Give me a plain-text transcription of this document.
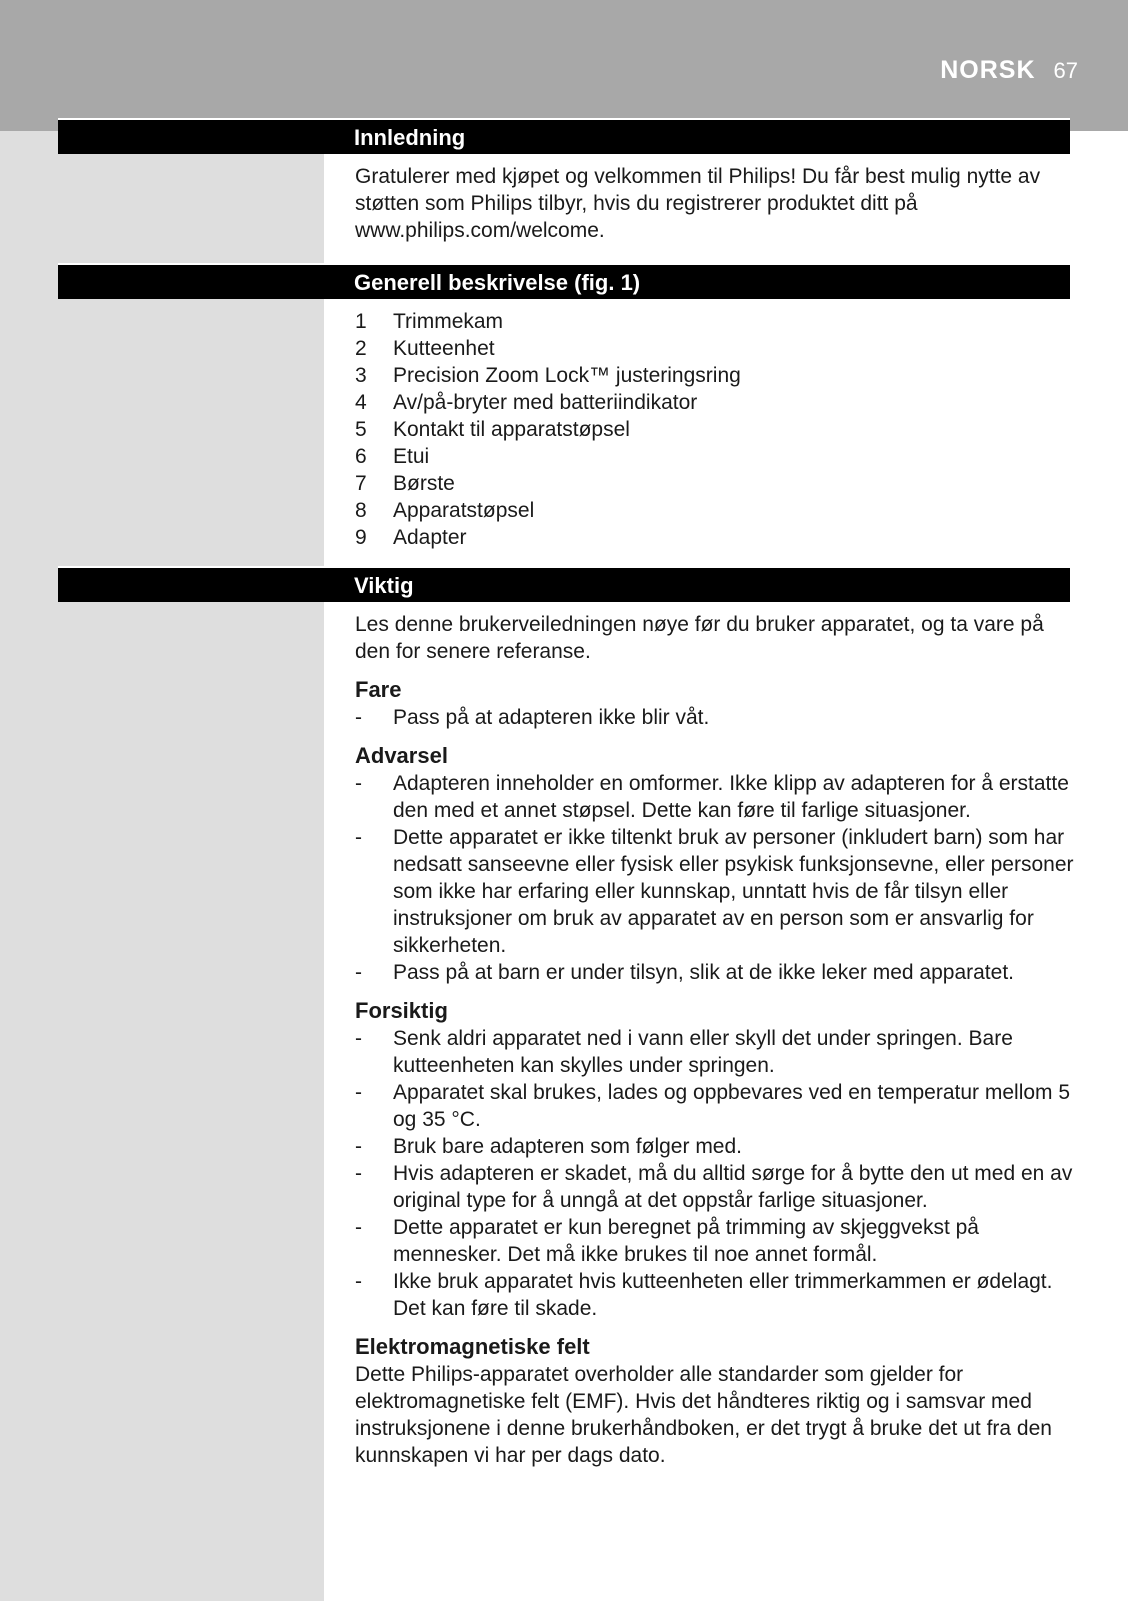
NORSK 67
Innledning

Gratulerer med kjøpet og velkommen til Philips! Du får best mulig nytte av støtten som Philips tilbyr, hvis du registrerer produktet ditt på www.philips.com/welcome.

Generell beskrivelse (fig. 1)
1 Trimmekam
2 Kutteenhet
3 Precision Zoom Lock™ justeringsring
4 Av/på-bryter med batteriindikator
5 Kontakt til apparatstøpsel
6 Etui
7 Børste
8 Apparatstøpsel
9 Adapter
Viktig

Les denne brukerveiledningen nøye før du bruker apparatet, og ta vare på den for senere referanse.

Fare

- Pass på at adapteren ikke blir våt.

Advarsel

- Adapteren inneholder en omformer. Ikke klipp av adapteren for å erstatte den med et annet støpsel. Dette kan føre til farlige situasjoner.
- Dette apparatet er ikke tiltenkt bruk av personer (inkludert barn) som har nedsatt sanseevne eller fysisk eller psykisk funksjonsevne, eller personer som ikke har erfaring eller kunnskap, unntatt hvis de får tilsyn eller instruksjoner om bruk av apparatet av en person som er ansvarlig for sikkerheten.
- Pass på at barn er under tilsyn, slik at de ikke leker med apparatet.

Forsiktig

- Senk aldri apparatet ned i vann eller skyll det under springen. Bare kutteenheten kan skylles under springen.
- Apparatet skal brukes, lades og oppbevares ved en temperatur mellom 5 og 35 °C.
- Bruk bare adapteren som følger med.
- Hvis adapteren er skadet, må du alltid sørge for å bytte den ut med en av original type for å unngå at det oppstår farlige situasjoner.
- Dette apparatet er kun beregnet på trimming av skjeggvekst på mennesker. Det må ikke brukes til noe annet formål.
- Ikke bruk apparatet hvis kutteenheten eller trimmerkammen er ødelagt. Det kan føre til skade.

Elektromagnetiske felt

Dette Philips-apparatet overholder alle standarder som gjelder for elektromagnetiske felt (EMF). Hvis det håndteres riktig og i samsvar med instruksjonene i denne brukerhåndboken, er det trygt å bruke det ut fra den kunnskapen vi har per dags dato.
